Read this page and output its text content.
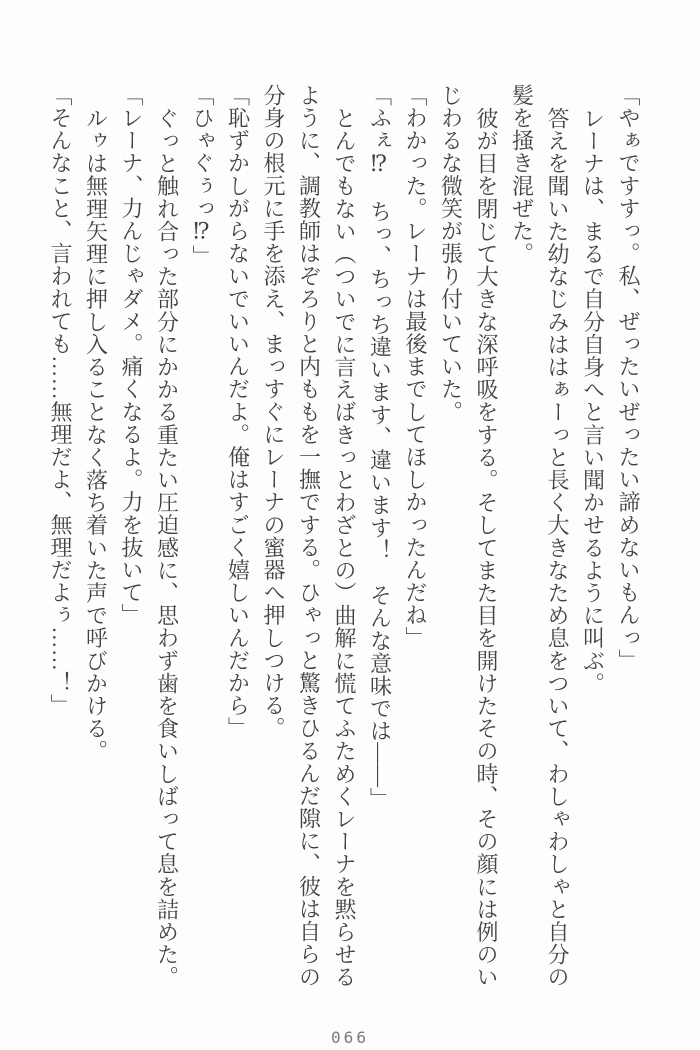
「やぁですすっ。私、ぜったいぜったい諦めないもんっ」
レーナは、まるで自分自身へと言い聞かせるように叫ぶ。
答えを聞いた幼なじみははぁーっと長く大きなため息をついて、わしゃわしゃと自分の
髪を掻き混ぜた。
彼が目を閉じて大きな深呼吸をする。そしてまた目を開けたその時、その顔には例のい
じわるな微笑が張り付いていた。
「わかった。レーナは最後までしてほしかったんだね」
「ふぇ⁉　ちっ、ちっち違います、違います！　そんな意味では――」
とんでもない（ついでに言えばきっとわざとの）曲解に慌てふためくレーナを黙らせる
ように、調教師はぞろりと内ももを一撫でする。ひゃっと驚きひるんだ隙に、彼は自らの
分身の根元に手を添え、まっすぐにレーナの蜜器へ押しつける。
「恥ずかしがらないでいいんだよ。俺はすごく嬉しいんだから」
「ひゃぐぅっ⁉」
ぐっと触れ合った部分にかかる重たい圧迫感に、思わず歯を食いしばって息を詰めた。
「レーナ、力んじゃダメ。痛くなるよ。力を抜いて」
ルゥは無理矢理に押し入ることなく落ち着いた声で呼びかける。
「そんなこと、言われても……無理だよ、無理だよぅ……！」
066
